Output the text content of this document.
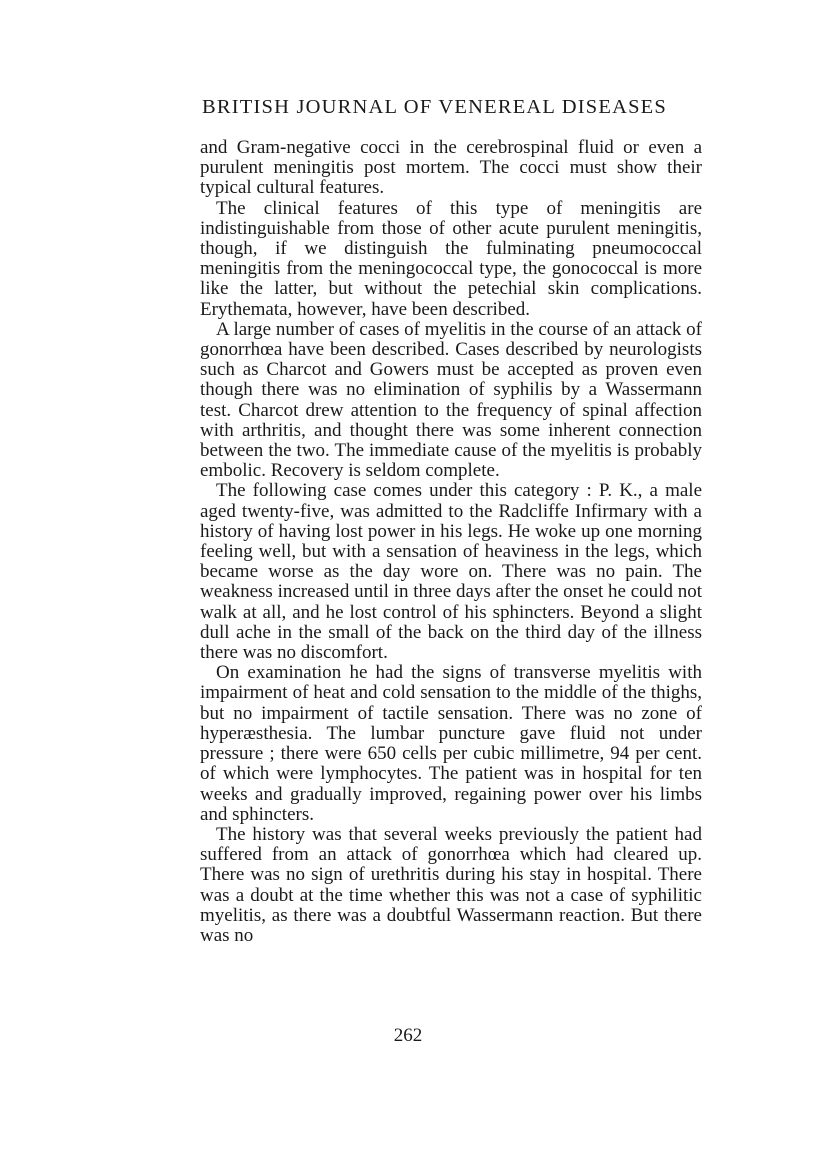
BRITISH JOURNAL OF VENEREAL DISEASES

and Gram-negative cocci in the cerebrospinal fluid or even a purulent meningitis post mortem. The cocci must show their typical cultural features.

The clinical features of this type of meningitis are indistinguishable from those of other acute purulent meningitis, though, if we distinguish the fulminating pneumococcal meningitis from the meningococcal type, the gonococcal is more like the latter, but without the petechial skin complications. Erythemata, however, have been described.

A large number of cases of myelitis in the course of an attack of gonorrhœa have been described. Cases described by neurologists such as Charcot and Gowers must be accepted as proven even though there was no elimination of syphilis by a Wassermann test. Charcot drew attention to the frequency of spinal affection with arthritis, and thought there was some inherent connection between the two. The immediate cause of the myelitis is probably embolic. Recovery is seldom complete.

The following case comes under this category : P. K., a male aged twenty-five, was admitted to the Radcliffe Infirmary with a history of having lost power in his legs. He woke up one morning feeling well, but with a sensation of heaviness in the legs, which became worse as the day wore on. There was no pain. The weakness increased until in three days after the onset he could not walk at all, and he lost control of his sphincters. Beyond a slight dull ache in the small of the back on the third day of the illness there was no discomfort.

On examination he had the signs of transverse myelitis with impairment of heat and cold sensation to the middle of the thighs, but no impairment of tactile sensation. There was no zone of hyperæsthesia. The lumbar puncture gave fluid not under pressure ; there were 650 cells per cubic millimetre, 94 per cent. of which were lymphocytes. The patient was in hospital for ten weeks and gradually improved, regaining power over his limbs and sphincters.

The history was that several weeks previously the patient had suffered from an attack of gonorrhœa which had cleared up. There was no sign of urethritis during his stay in hospital. There was a doubt at the time whether this was not a case of syphilitic myelitis, as there was a doubtful Wassermann reaction. But there was no

262
